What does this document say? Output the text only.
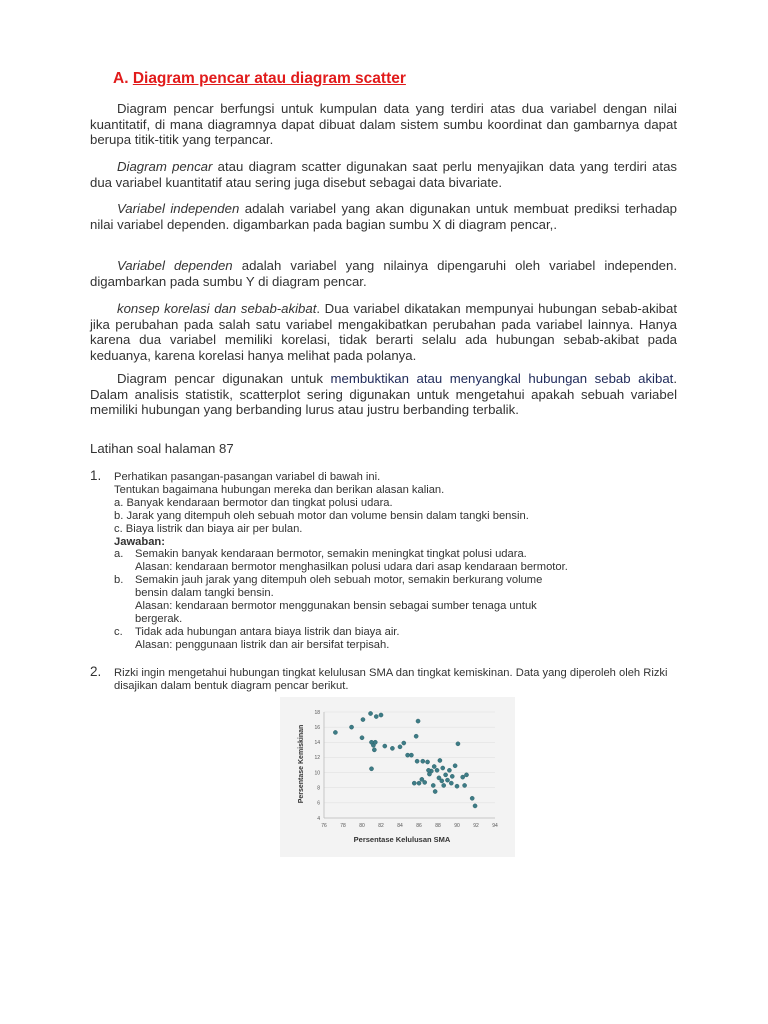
A. Diagram pencar atau diagram scatter

Diagram pencar berfungsi untuk kumpulan data yang terdiri atas dua variabel dengan nilai kuantitatif, di mana diagramnya dapat dibuat dalam sistem sumbu koordinat dan gambarnya dapat berupa titik-titik yang terpancar.

Diagram pencar atau diagram scatter digunakan saat perlu menyajikan data yang terdiri atas dua variabel kuantitatif atau sering juga disebut sebagai data bivariate.

Variabel independen adalah variabel yang akan digunakan untuk membuat prediksi terhadap nilai variabel dependen. digambarkan pada bagian sumbu X di diagram pencar,.

Variabel dependen adalah variabel yang nilainya dipengaruhi oleh variabel independen. digambarkan pada sumbu Y di diagram pencar.

konsep korelasi dan sebab-akibat. Dua variabel dikatakan mempunyai hubungan sebab-akibat jika perubahan pada salah satu variabel mengakibatkan perubahan pada variabel lainnya. Hanya karena dua variabel memiliki korelasi, tidak berarti selalu ada hubungan sebab-akibat pada keduanya, karena korelasi hanya melihat pada polanya.

Diagram pencar digunakan untuk membuktikan atau menyangkal hubungan sebab akibat. Dalam analisis statistik, scatterplot sering digunakan untuk mengetahui apakah sebuah variabel memiliki hubungan yang berbanding lurus atau justru berbanding terbalik.

Latihan soal halaman 87
1. Perhatikan pasangan-pasangan variabel di bawah ini.
Tentukan bagaimana hubungan mereka dan berikan alasan kalian.
a. Banyak kendaraan bermotor dan tingkat polusi udara.
b. Jarak yang ditempuh oleh sebuah motor dan volume bensin dalam tangki bensin.
c. Biaya listrik dan biaya air per bulan.
Jawaban:
a. Semakin banyak kendaraan bermotor, semakin meningkat tingkat polusi udara.
Alasan: kendaraan bermotor menghasilkan polusi udara dari asap kendaraan bermotor.
b. Semakin jauh jarak yang ditempuh oleh sebuah motor, semakin berkurang volume
bensin dalam tangki bensin.
Alasan: kendaraan bermotor menggunakan bensin sebagai sumber tenaga untuk
bergerak.
c. Tidak ada hubungan antara biaya listrik dan biaya air.
Alasan: penggunaan listrik dan air bersifat terpisah.
2. Rizki ingin mengetahui hubungan tingkat kelulusan SMA dan tingkat kemiskinan. Data yang diperoleh oleh Rizki disajikan dalam bentuk diagram pencar berikut.
76	78	80	82	84	86	88	90	92	94
4
6
8
10
12
14
16
18
Persentase Kelulusan SMA
Persentase Kemiskinan
